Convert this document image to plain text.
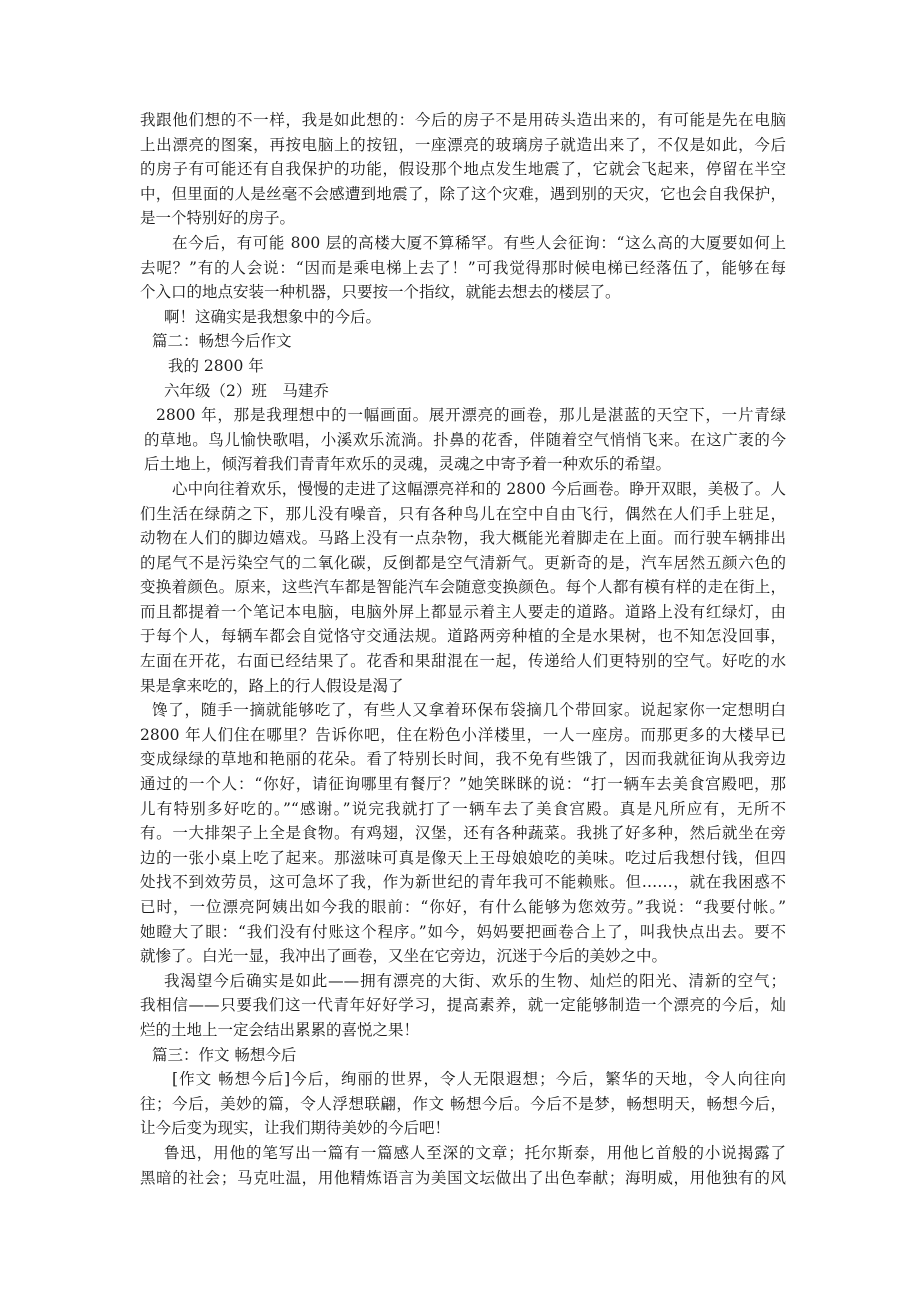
我跟他们想的不一样，我是如此想的：今后的房子不是用砖头造出来的，有可能是先在电脑
上出漂亮的图案，再按电脑上的按钮，一座漂亮的玻璃房子就造出来了，不仅是如此，今后
的房子有可能还有自我保护的功能，假设那个地点发生地震了，它就会飞起来，停留在半空
中，但里面的人是丝毫不会感遭到地震了，除了这个灾难，遇到别的天灾，它也会自我保护，
是一个特别好的房子。
在今后，有可能 800 层的高楼大厦不算稀罕。有些人会征询：“这么高的大厦要如何上
去呢？”有的人会说：“因而是乘电梯上去了！”可我觉得那时候电梯已经落伍了，能够在每
个入口的地点安装一种机器，只要按一个指纹，就能去想去的楼层了。
啊！这确实是我想象中的今后。
篇二：畅想今后作文
我的 2800 年
六年级（2）班　马建乔
2800 年，那是我理想中的一幅画面。展开漂亮的画卷，那儿是湛蓝的天空下，一片青绿
的草地。鸟儿愉快歌唱，小溪欢乐流淌。扑鼻的花香，伴随着空气悄悄飞来。在这广袤的今
后土地上，倾泻着我们青青年欢乐的灵魂，灵魂之中寄予着一种欢乐的希望。
心中向往着欢乐，慢慢的走进了这幅漂亮祥和的 2800 今后画卷。睁开双眼，美极了。人
们生活在绿荫之下，那儿没有噪音，只有各种鸟儿在空中自由飞行，偶然在人们手上驻足，
动物在人们的脚边嬉戏。马路上没有一点杂物，我大概能光着脚走在上面。而行驶车辆排出
的尾气不是污染空气的二氧化碳，反倒都是空气清新气。更新奇的是，汽车居然五颜六色的
变换着颜色。原来，这些汽车都是智能汽车会随意变换颜色。每个人都有模有样的走在街上，
而且都提着一个笔记本电脑，电脑外屏上都显示着主人要走的道路。道路上没有红绿灯，由
于每个人，每辆车都会自觉恪守交通法规。道路两旁种植的全是水果树，也不知怎没回事，
左面在开花，右面已经结果了。花香和果甜混在一起，传递给人们更特别的空气。好吃的水
果是拿来吃的，路上的行人假设是渴了
馋了，随手一摘就能够吃了，有些人又拿着环保布袋摘几个带回家。说起家你一定想明白
2800 年人们住在哪里？告诉你吧，住在粉色小洋楼里，一人一座房。而那更多的大楼早已
变成绿绿的草地和艳丽的花朵。看了特别长时间，我不免有些饿了，因而我就征询从我旁边
通过的一个人：“你好，请征询哪里有餐厅？”她笑眯眯的说：“打一辆车去美食宫殿吧，那
儿有特别多好吃的。”“感谢。”说完我就打了一辆车去了美食宫殿。真是凡所应有，无所不
有。一大排架子上全是食物。有鸡翅，汉堡，还有各种蔬菜。我挑了好多种，然后就坐在旁
边的一张小桌上吃了起来。那滋味可真是像天上王母娘娘吃的美味。吃过后我想付钱，但四
处找不到效劳员，这可急坏了我，作为新世纪的青年我可不能赖账。但……，就在我困惑不
已时，一位漂亮阿姨出如今我的眼前：“你好，有什么能够为您效劳。”我说：“我要付帐。”
她瞪大了眼：“我们没有付账这个程序。”如今，妈妈要把画卷合上了，叫我快点出去。要不
就惨了。白光一显，我冲出了画卷，又坐在它旁边，沉迷于今后的美妙之中。
我渴望今后确实是如此——拥有漂亮的大街、欢乐的生物、灿烂的阳光、清新的空气；
我相信——只要我们这一代青年好好学习，提高素养，就一定能够制造一个漂亮的今后，灿
烂的土地上一定会结出累累的喜悦之果！
篇三：作文 畅想今后
[作文 畅想今后]今后，绚丽的世界，令人无限遐想；今后，繁华的天地，令人向往向
往；今后，美妙的篇，令人浮想联翩，作文 畅想今后。今后不是梦，畅想明天，畅想今后，
让今后变为现实，让我们期待美妙的今后吧！
鲁迅，用他的笔写出一篇有一篇感人至深的文章；托尔斯泰，用他匕首般的小说揭露了
黑暗的社会；马克吐温，用他精炼语言为美国文坛做出了出色奉献；海明威，用他独有的风
